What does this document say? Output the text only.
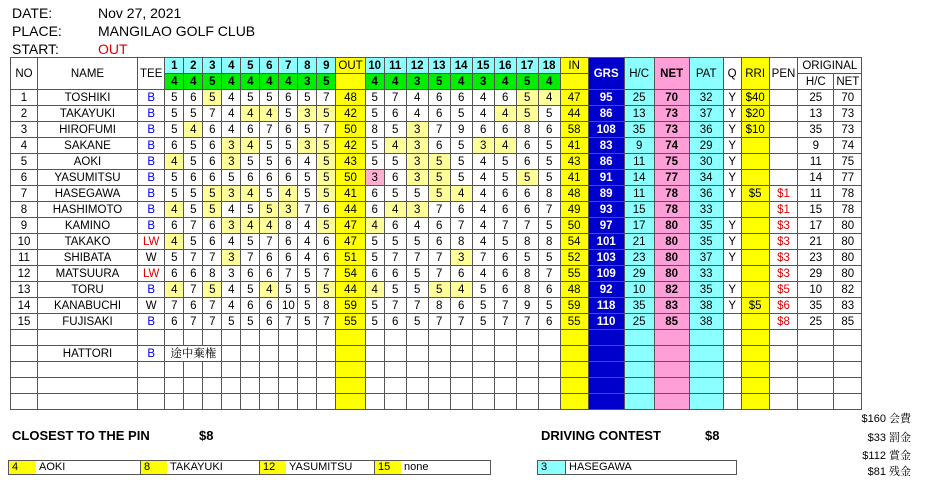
DATE:	Nov 27, 2021
PLACE:	MANGILAO GOLF CLUB
START:	OUT
NO	NAME	TEE	1	2	3	4	5	6	7	8	9	OUT	10	11	12	13	14	15	16	17	18	IN	GRS	H/C	NET	PAT	Q	RRI	PEN	ORIGINAL	
			4	4	5	4	4	4	4	3	5		4	4	3	5	4	3	4	5	4									H/C	NET
1	TOSHIKI	B	5	6	5	4	5	5	6	5	7	48	5	7	4	6	6	4	6	5	4	47	95	25	70	32	Y	$40		25	70
2	TAKAYUKI	B	5	5	7	4	4	4	5	3	5	42	5	6	4	6	5	4	4	5	5	44	86	13	73	37	Y	$20		13	73
3	HIROFUMI	B	5	4	6	4	6	7	6	5	7	50	8	5	3	7	9	6	6	8	6	58	108	35	73	36	Y	$10		35	73
4	SAKANE	B	6	5	6	3	4	5	5	3	5	42	5	4	3	6	5	3	4	6	5	41	83	9	74	29	Y			9	74
5	AOKI	B	4	5	6	3	5	5	6	4	5	43	5	5	3	5	5	4	5	6	5	43	86	11	75	30	Y			11	75
6	YASUMITSU	B	5	6	6	5	6	6	6	5	5	50	3	6	3	5	5	4	5	5	5	41	91	14	77	34	Y			14	77
7	HASEGAWA	B	5	5	5	3	4	5	4	5	5	41	6	5	5	5	4	4	6	6	8	48	89	11	78	36	Y	$5	$1	11	78
8	HASHIMOTO	B	4	5	5	4	5	5	3	7	6	44	6	4	3	7	6	4	6	6	7	49	93	15	78	33			$1	15	78
9	KAMINO	B	6	7	6	3	4	4	8	4	5	47	4	6	4	6	7	4	7	7	5	50	97	17	80	35	Y		$3	17	80
10	TAKAKO	LW	4	5	6	4	5	7	6	4	6	47	5	5	5	6	8	4	5	8	8	54	101	21	80	35	Y		$3	21	80
11	SHIBATA	W	5	7	7	3	7	6	6	4	6	51	5	7	7	7	3	7	6	5	5	52	103	23	80	37	Y		$3	23	80
12	MATSUURA	LW	6	6	8	3	6	6	7	5	7	54	6	6	5	7	6	4	6	8	7	55	109	29	80	33			$3	29	80
13	TORU	B	4	7	5	4	5	4	5	5	5	44	4	5	5	5	4	5	6	8	6	48	92	10	82	35	Y		$5	10	82
14	KANABUCHI	W	7	6	7	4	6	6	10	5	8	59	5	7	7	8	6	5	7	9	5	59	118	35	83	38	Y	$5	$6	35	83
15	FUJISAKI	B	6	7	7	5	5	6	7	5	7	55	5	6	5	7	7	5	7	7	6	55	110	25	85	38			$8	25	85

	HATTORI	B	途中棄権																												

CLOSEST TO THE PIN	$8	DRIVING CONTEST	$8
$160 会費
$33 罰金
$112 賞金
$81 残金
4	AOKI	8	TAKAYUKI	12	YASUMITSU	15	none	3	HASEGAWA
